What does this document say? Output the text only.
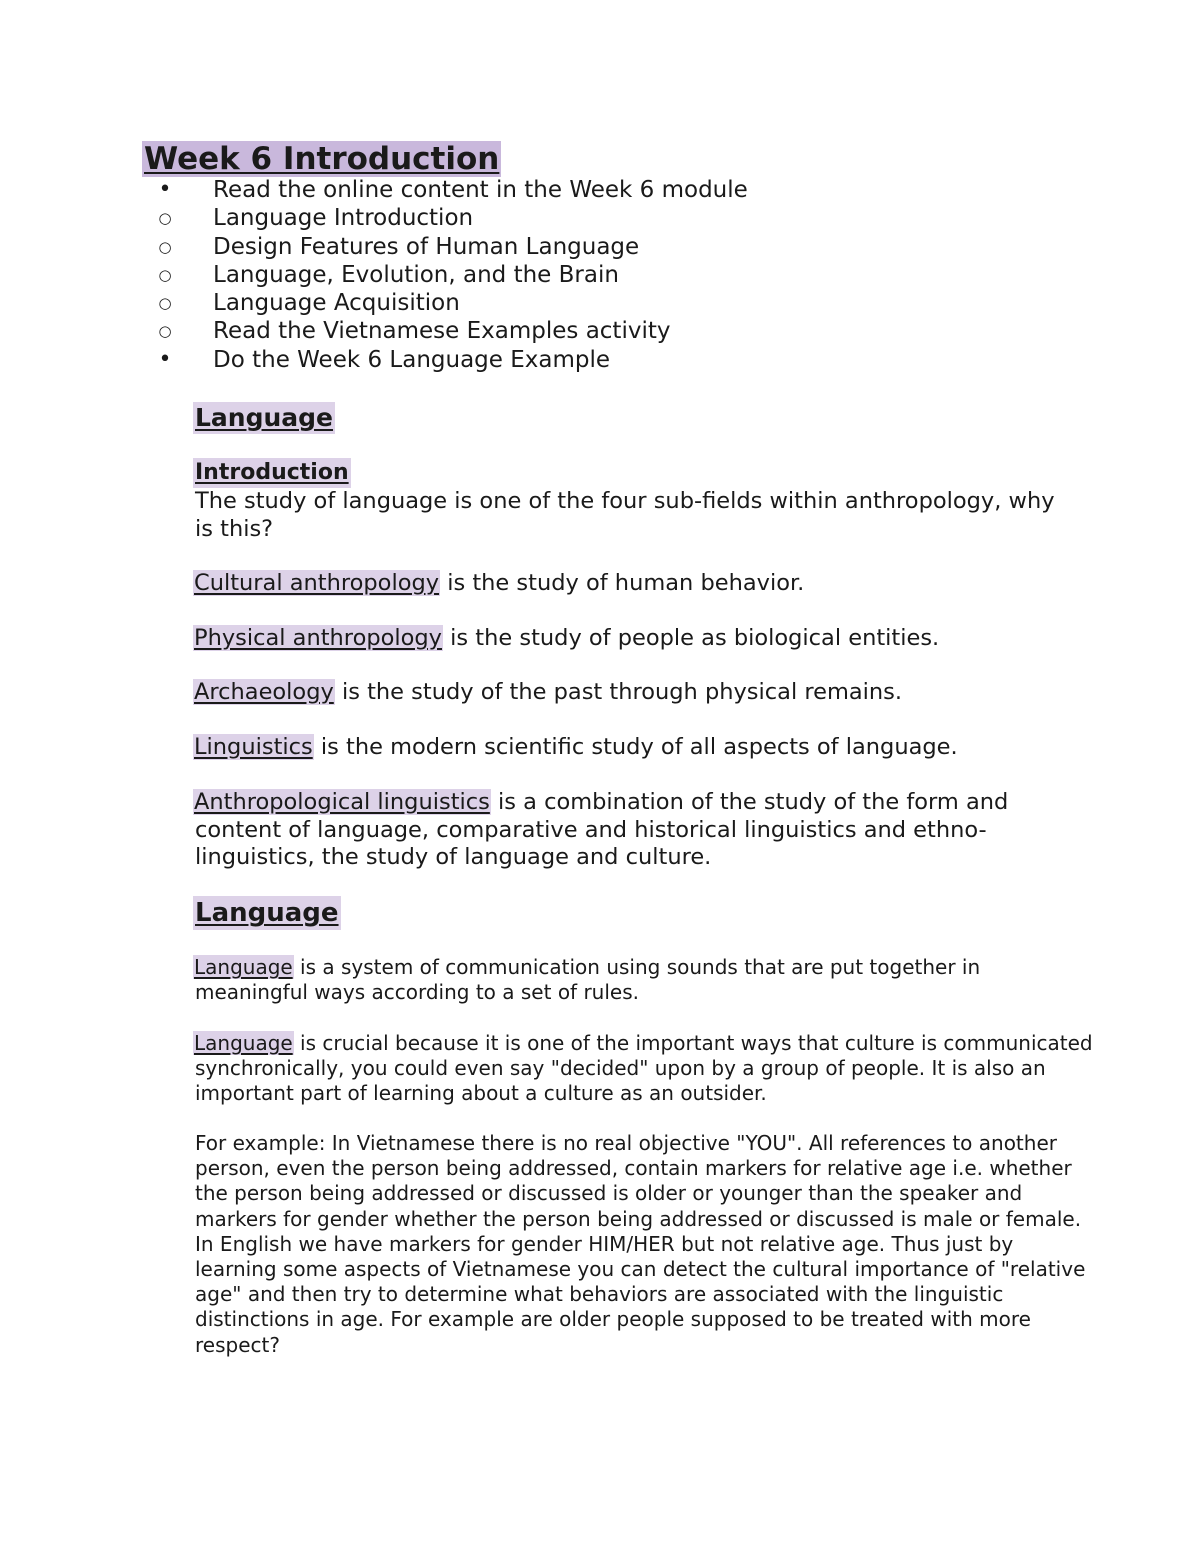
Week 6 Introduction
•	Read the online content in the Week 6 module
○	Language Introduction
○	Design Features of Human Language
○	Language, Evolution, and the Brain
○	Language Acquisition
○	Read the Vietnamese Examples activity
•	Do the Week 6 Language Example
Language
Introduction

The study of language is one of the four sub-fields within anthropology, why is this?

Cultural anthropology is the study of human behavior.

Physical anthropology is the study of people as biological entities.

Archaeology is the study of the past through physical remains.

Linguistics is the modern scientific study of all aspects of language.

Anthropological linguistics is a combination of the study of the form and content of language, comparative and historical linguistics and ethno-linguistics, the study of language and culture.

Language

Language is a system of communication using sounds that are put together in meaningful ways according to a set of rules.

Language is crucial because it is one of the important ways that culture is communicated synchronically, you could even say "decided" upon by a group of people. It is also an important part of learning about a culture as an outsider.

For example: In Vietnamese there is no real objective "YOU". All references to another person, even the person being addressed, contain markers for relative age i.e. whether the person being addressed or discussed is older or younger than the speaker and markers for gender whether the person being addressed or discussed is male or female. In English we have markers for gender HIM/HER but not relative age. Thus just by learning some aspects of Vietnamese you can detect the cultural importance of "relative age" and then try to determine what behaviors are associated with the linguistic distinctions in age. For example are older people supposed to be treated with more respect?
